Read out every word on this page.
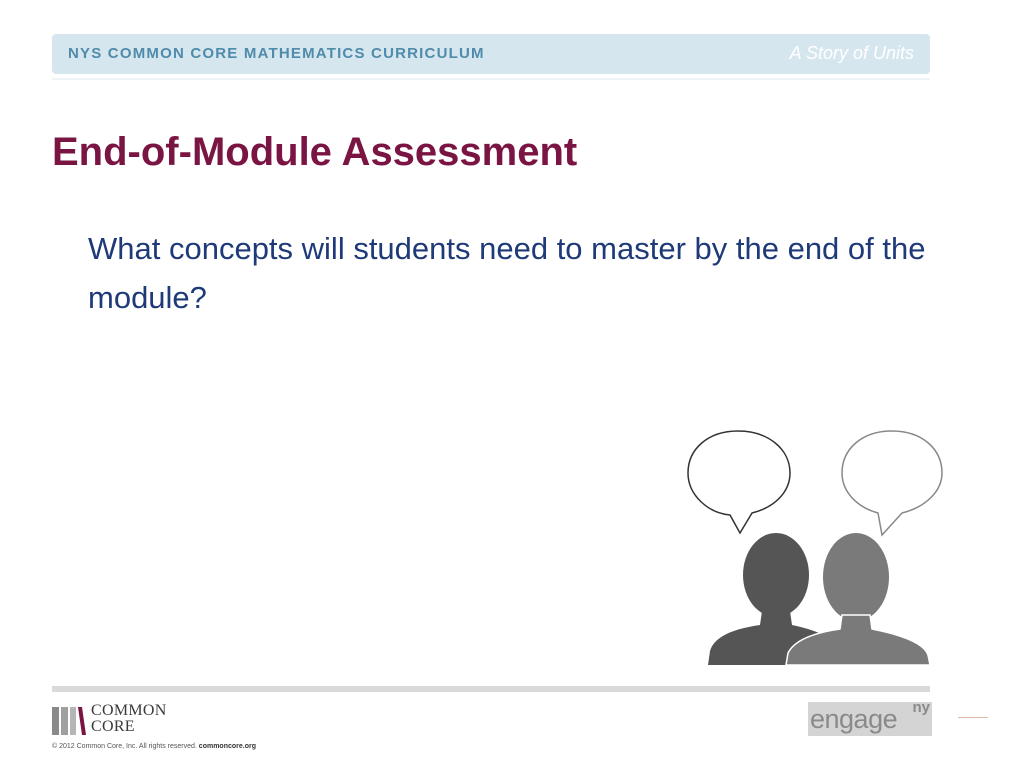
NYS COMMON CORE MATHEMATICS CURRICULUM	A Story of Units
End-of-Module Assessment
What concepts will students need to master by the end of the module?
COMMON
CORE
© 2012 Common Core, Inc. All rights reserved. commoncore.org
engage ny
